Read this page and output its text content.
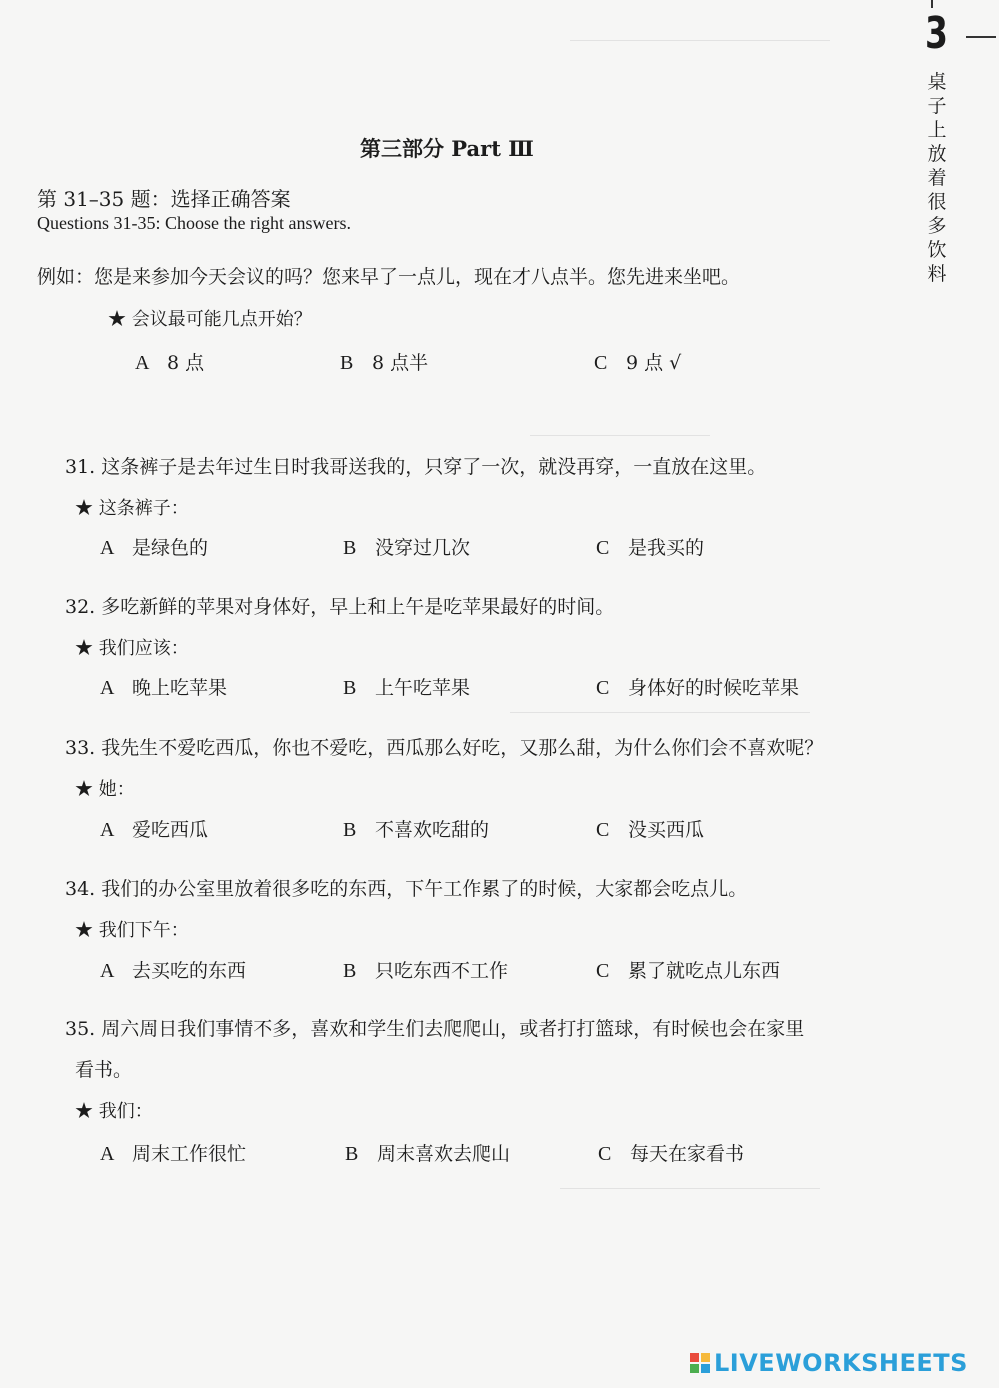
3
桌子上放着很多饮料
第三部分 Part Ⅲ
第 31–35 题：选择正确答案
Questions 31-35: Choose the right answers.
例如：您是来参加今天会议的吗？您来早了一点儿，现在才八点半。您先进来坐吧。
★ 会议最可能几点开始？
A 8 点	B 8 点半	C 9 点 √
31. 这条裤子是去年过生日时我哥送我的，只穿了一次，就没再穿，一直放在这里。
★ 这条裤子：
A 是绿色的	B 没穿过几次	C 是我买的
32. 多吃新鲜的苹果对身体好，早上和上午是吃苹果最好的时间。
★ 我们应该：
A 晚上吃苹果	B 上午吃苹果	C 身体好的时候吃苹果
33. 我先生不爱吃西瓜，你也不爱吃，西瓜那么好吃，又那么甜，为什么你们会不喜欢呢？
★ 她：
A 爱吃西瓜	B 不喜欢吃甜的	C 没买西瓜
34. 我们的办公室里放着很多吃的东西，下午工作累了的时候，大家都会吃点儿。
★ 我们下午：
A 去买吃的东西	B 只吃东西不工作	C 累了就吃点儿东西
35. 周六周日我们事情不多，喜欢和学生们去爬爬山，或者打打篮球，有时候也会在家里
看书。
★ 我们：
A 周末工作很忙	B 周末喜欢去爬山	C 每天在家看书
LIVEWORKSHEETS
